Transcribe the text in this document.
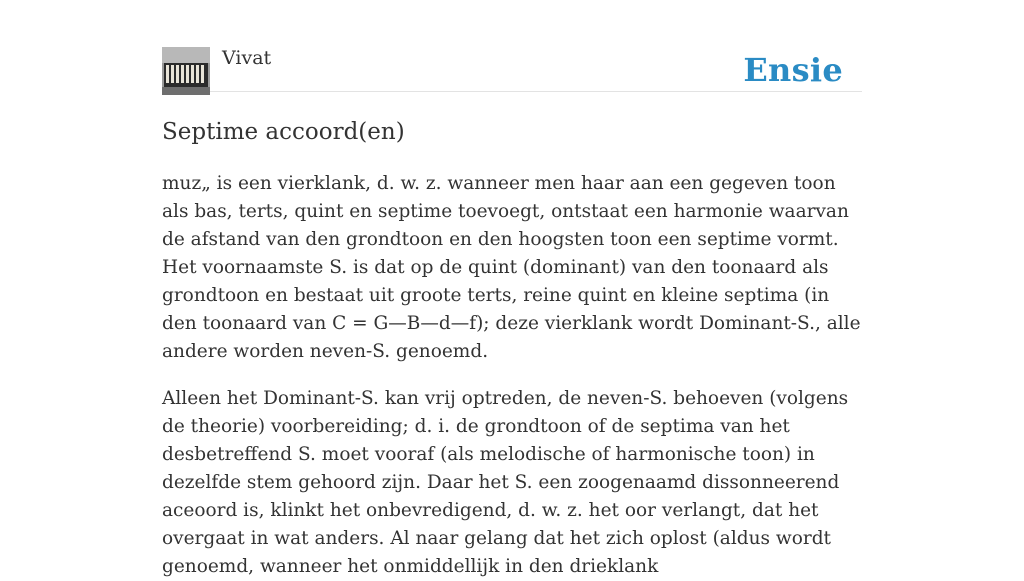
Vivat	Ensie
Septime accoord(en)

muz„ is een vierklank, d. w. z. wanneer men haar aan een gegeven toon als bas, terts, quint en septime toevoegt, ontstaat een harmonie waarvan de afstand van den grondtoon en den hoogsten toon een septime vormt. Het voornaamste S. is dat op de quint (dominant) van den toonaard als grondtoon en bestaat uit groote terts, reine quint en kleine septima (in den toonaard van C = G—B—d—f); deze vierklank wordt Dominant-S., alle andere worden neven-S. genoemd.

Alleen het Dominant-S. kan vrij optreden, de neven-S. behoeven (volgens de theorie) voorbereiding; d. i. de grondtoon of de septima van het desbetreffend S. moet vooraf (als melodische of harmonische toon) in dezelfde stem gehoord zijn. Daar het S. een zoogenaamd dissonneerend aceoord is, klinkt het onbevredigend, d. w. z. het oor verlangt, dat het overgaat in wat anders. Al naar gelang dat het zich oplost (aldus wordt genoemd, wanneer het onmiddellijk in den drieklank
